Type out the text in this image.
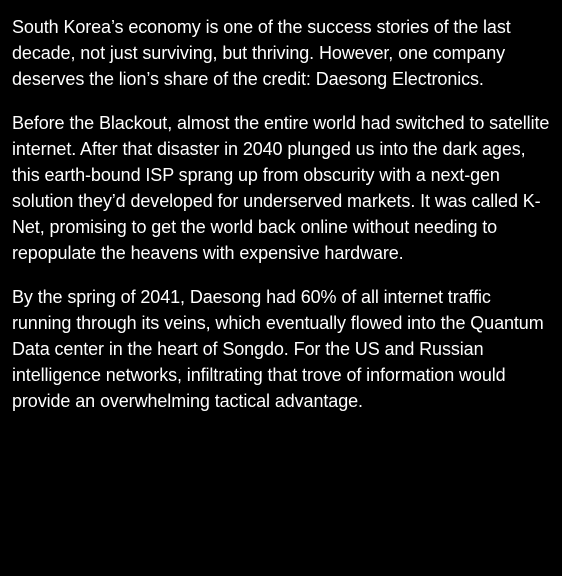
South Korea’s economy is one of the success stories of the last decade, not just surviving, but thriving. However, one company deserves the lion’s share of the credit: Daesong Electronics.

Before the Blackout, almost the entire world had switched to satellite internet. After that disaster in 2040 plunged us into the dark ages, this earth-bound ISP sprang up from obscurity with a next-gen solution they’d developed for underserved markets. It was called K-Net, promising to get the world back online without needing to repopulate the heavens with expensive hardware.

By the spring of 2041, Daesong had 60% of all internet traffic running through its veins, which eventually flowed into the Quantum Data center in the heart of Songdo. For the US and Russian intelligence networks, infiltrating that trove of information would provide an overwhelming tactical advantage.
